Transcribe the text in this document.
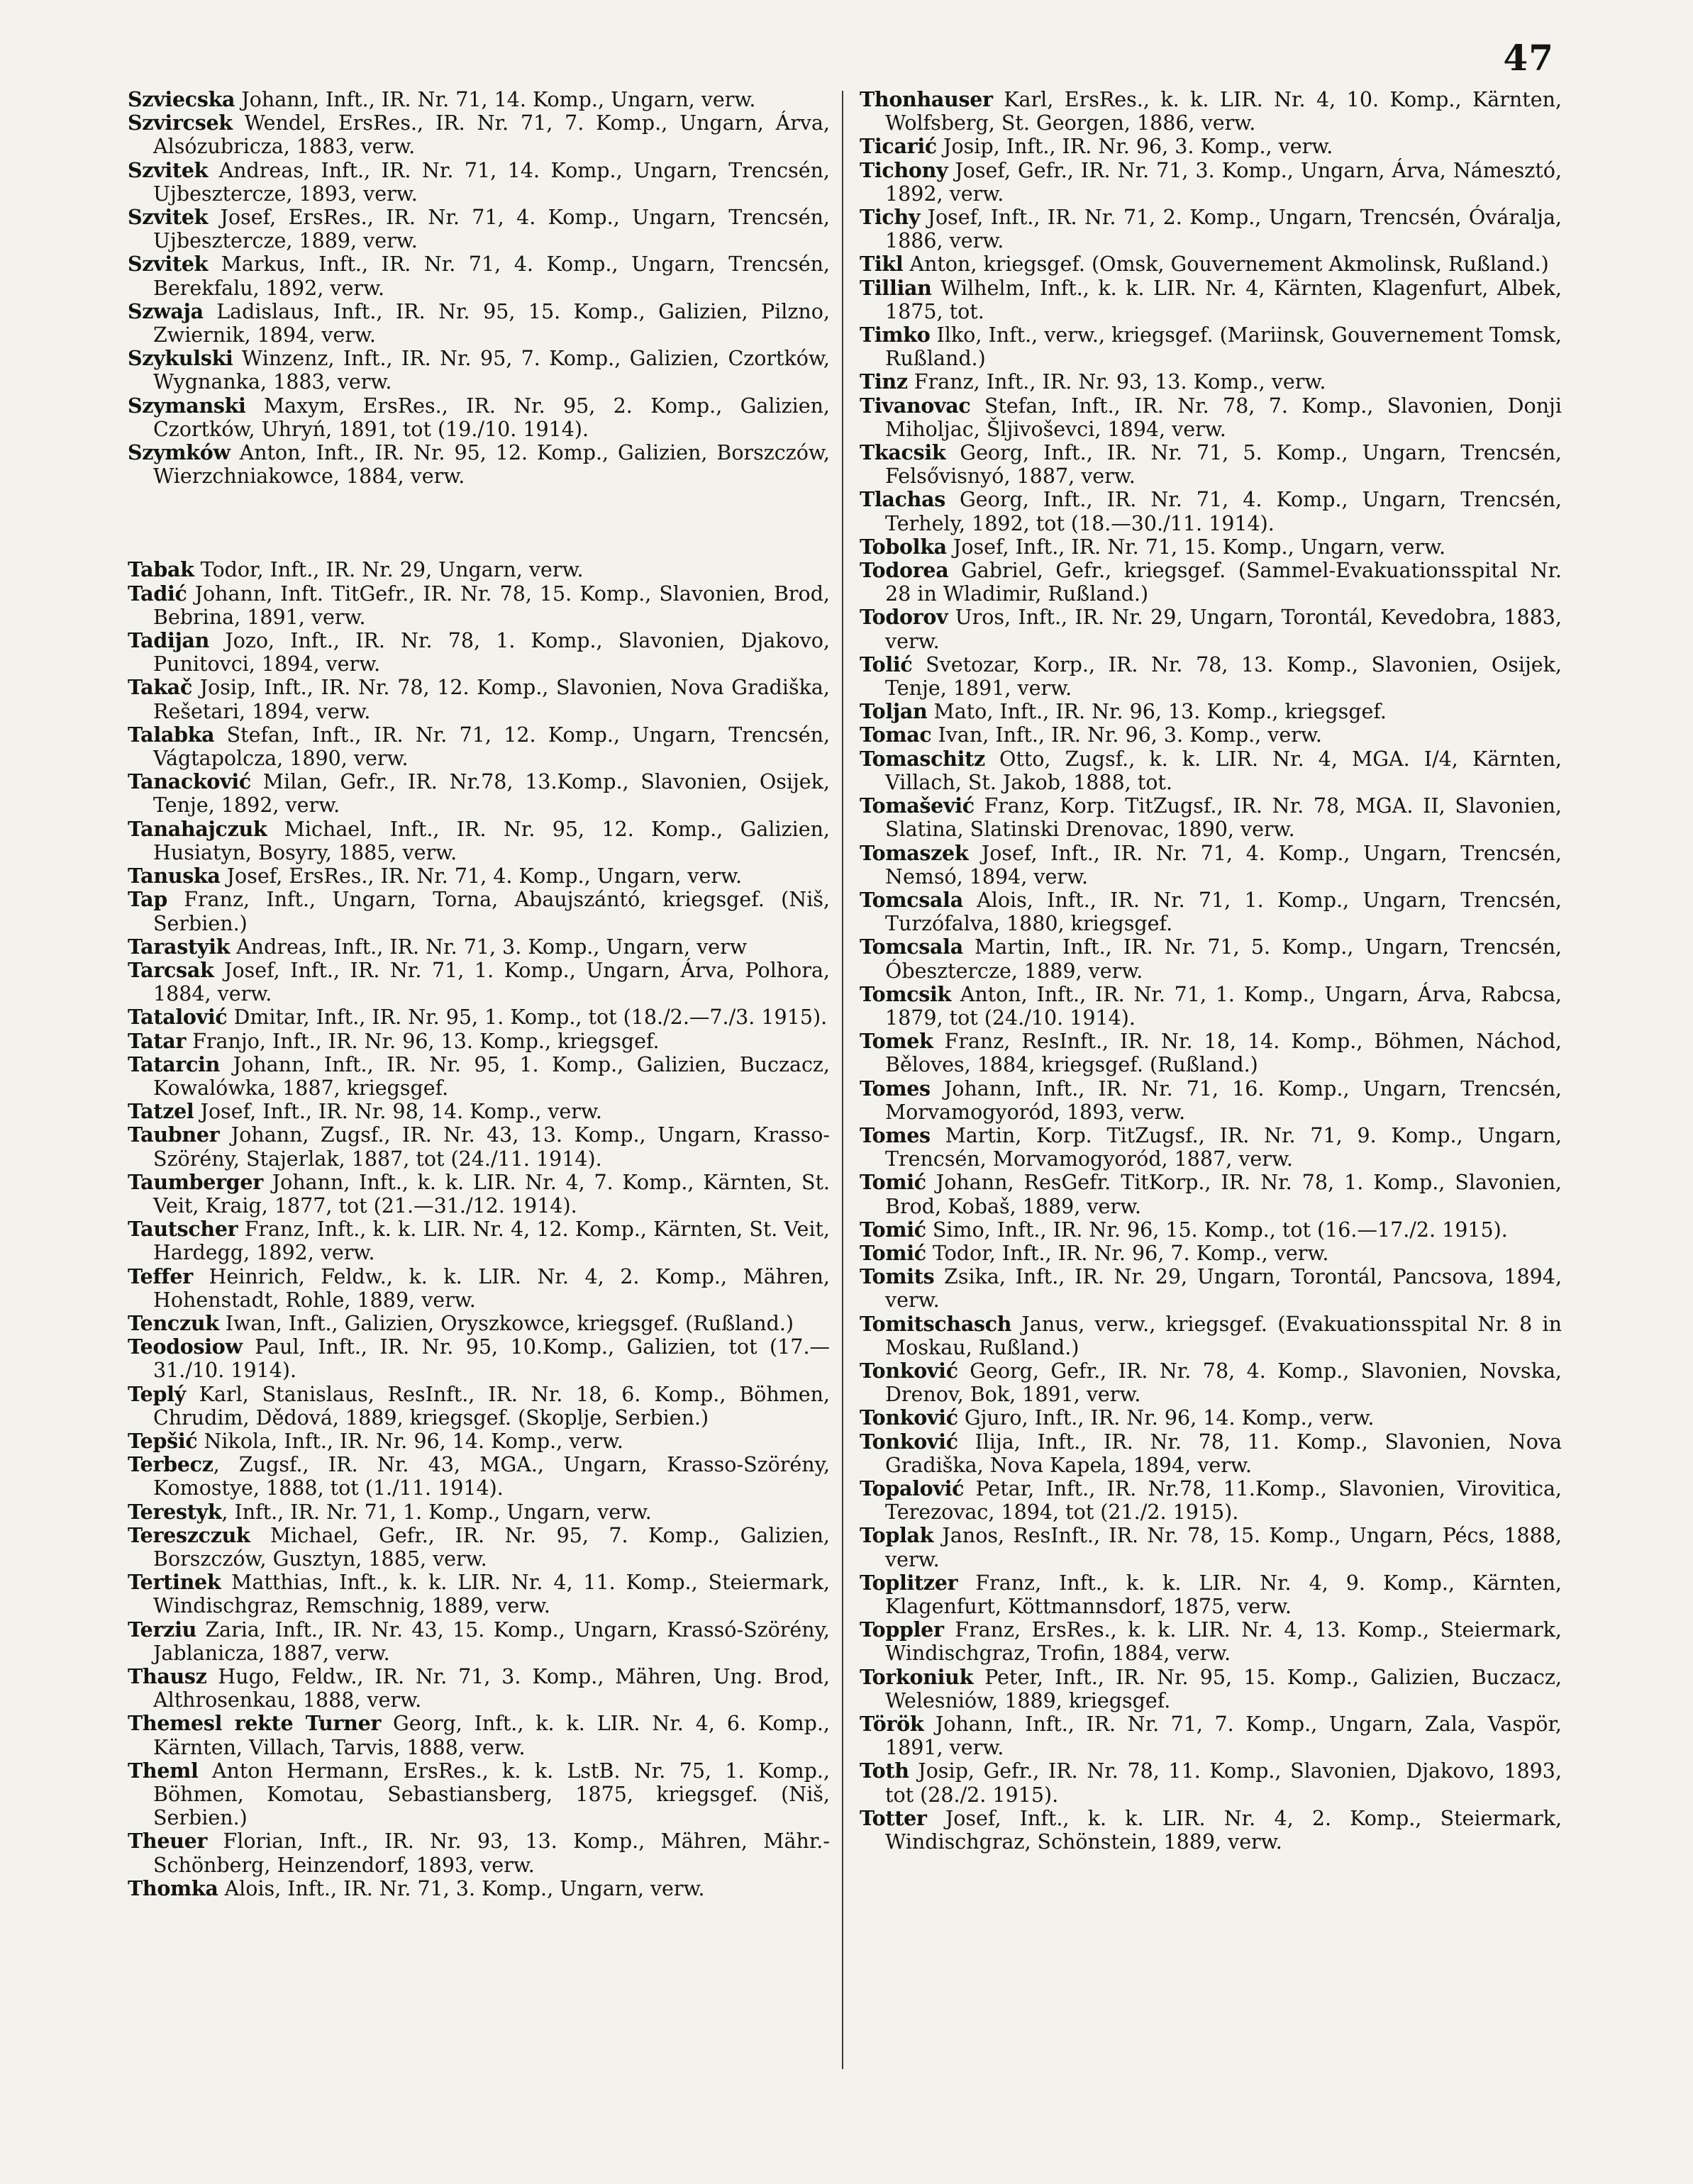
47

Szviecska Johann, Inft., IR. Nr. 71, 14. Komp., Ungarn, verw.

Szvircsek Wendel, ErsRes., IR. Nr. 71, 7. Komp., Ungarn, Árva, Alsózubricza, 1883, verw.

Szvitek Andreas, Inft., IR. Nr. 71, 14. Komp., Ungarn, Trencsén, Ujbesztercze, 1893, verw.

Szvitek Josef, ErsRes., IR. Nr. 71, 4. Komp., Ungarn, Trencsén, Ujbesztercze, 1889, verw.

Szvitek Markus, Inft., IR. Nr. 71, 4. Komp., Ungarn, Trencsén, Berekfalu, 1892, verw.

Szwaja Ladislaus, Inft., IR. Nr. 95, 15. Komp., Galizien, Pilzno, Zwiernik, 1894, verw.

Szykulski Winzenz, Inft., IR. Nr. 95, 7. Komp., Galizien, Czortków, Wygnanka, 1883, verw.

Szymanski Maxym, ErsRes., IR. Nr. 95, 2. Komp., Galizien, Czortków, Uhryń, 1891, tot (19./10. 1914).

Szymków Anton, Inft., IR. Nr. 95, 12. Komp., Galizien, Borszczów, Wierzchniakowce, 1884, verw.

Tabak Todor, Inft., IR. Nr. 29, Ungarn, verw.

Tadić Johann, Inft. TitGefr., IR. Nr. 78, 15. Komp., Slavonien, Brod, Bebrina, 1891, verw.

Tadijan Jozo, Inft., IR. Nr. 78, 1. Komp., Slavonien, Djakovo, Punitovci, 1894, verw.

Takač Josip, Inft., IR. Nr. 78, 12. Komp., Slavonien, Nova Gradiška, Rešetari, 1894, verw.

Talabka Stefan, Inft., IR. Nr. 71, 12. Komp., Ungarn, Trencsén, Vágtapolcza, 1890, verw.

Tanacković Milan, Gefr., IR. Nr.78, 13.Komp., Slavonien, Osijek, Tenje, 1892, verw.

Tanahajczuk Michael, Inft., IR. Nr. 95, 12. Komp., Galizien, Husiatyn, Bosyry, 1885, verw.

Tanuska Josef, ErsRes., IR. Nr. 71, 4. Komp., Ungarn, verw.

Tap Franz, Inft., Ungarn, Torna, Abaujszántó, kriegsgef. (Niš, Serbien.)

Tarastyik Andreas, Inft., IR. Nr. 71, 3. Komp., Ungarn, verw

Tarcsak Josef, Inft., IR. Nr. 71, 1. Komp., Ungarn, Árva, Polhora, 1884, verw.

Tatalović Dmitar, Inft., IR. Nr. 95, 1. Komp., tot (18./2.—7./3. 1915).

Tatar Franjo, Inft., IR. Nr. 96, 13. Komp., kriegsgef.

Tatarcin Johann, Inft., IR. Nr. 95, 1. Komp., Galizien, Buczacz, Kowalówka, 1887, kriegsgef.

Tatzel Josef, Inft., IR. Nr. 98, 14. Komp., verw.

Taubner Johann, Zugsf., IR. Nr. 43, 13. Komp., Ungarn, Krasso-Szörény, Stajerlak, 1887, tot (24./11. 1914).

Taumberger Johann, Inft., k. k. LIR. Nr. 4, 7. Komp., Kärnten, St. Veit, Kraig, 1877, tot (21.—31./12. 1914).

Tautscher Franz, Inft., k. k. LIR. Nr. 4, 12. Komp., Kärnten, St. Veit, Hardegg, 1892, verw.

Teffer Heinrich, Feldw., k. k. LIR. Nr. 4, 2. Komp., Mähren, Hohenstadt, Rohle, 1889, verw.

Tenczuk Iwan, Inft., Galizien, Oryszkowce, kriegsgef. (Rußland.)

Teodosiow Paul, Inft., IR. Nr. 95, 10.Komp., Galizien, tot (17.—31./10. 1914).

Teplý Karl, Stanislaus, ResInft., IR. Nr. 18, 6. Komp., Böhmen, Chrudim, Dědová, 1889, kriegsgef. (Skoplje, Serbien.)

Tepšić Nikola, Inft., IR. Nr. 96, 14. Komp., verw.

Terbecz, Zugsf., IR. Nr. 43, MGA., Ungarn, Krasso-Szörény, Komostye, 1888, tot (1./11. 1914).

Terestyk, Inft., IR. Nr. 71, 1. Komp., Ungarn, verw.

Tereszczuk Michael, Gefr., IR. Nr. 95, 7. Komp., Galizien, Borszczów, Gusztyn, 1885, verw.

Tertinek Matthias, Inft., k. k. LIR. Nr. 4, 11. Komp., Steiermark, Windischgraz, Remschnig, 1889, verw.

Terziu Zaria, Inft., IR. Nr. 43, 15. Komp., Ungarn, Krassó-Szörény, Jablanicza, 1887, verw.

Thausz Hugo, Feldw., IR. Nr. 71, 3. Komp., Mähren, Ung. Brod, Althrosenkau, 1888, verw.

Themesl rekte Turner Georg, Inft., k. k. LIR. Nr. 4, 6. Komp., Kärnten, Villach, Tarvis, 1888, verw.

Theml Anton Hermann, ErsRes., k. k. LstB. Nr. 75, 1. Komp., Böhmen, Komotau, Sebastiansberg, 1875, kriegsgef. (Niš, Serbien.)

Theuer Florian, Inft., IR. Nr. 93, 13. Komp., Mähren, Mähr.-Schönberg, Heinzendorf, 1893, verw.

Thomka Alois, Inft., IR. Nr. 71, 3. Komp., Ungarn, verw.

Thonhauser Karl, ErsRes., k. k. LIR. Nr. 4, 10. Komp., Kärnten, Wolfsberg, St. Georgen, 1886, verw.

Ticarić Josip, Inft., IR. Nr. 96, 3. Komp., verw.

Tichony Josef, Gefr., IR. Nr. 71, 3. Komp., Ungarn, Árva, Námesztó, 1892, verw.

Tichy Josef, Inft., IR. Nr. 71, 2. Komp., Ungarn, Trencsén, Óváralja, 1886, verw.

Tikl Anton, kriegsgef. (Omsk, Gouvernement Akmolinsk, Rußland.)

Tillian Wilhelm, Inft., k. k. LIR. Nr. 4, Kärnten, Klagenfurt, Albek, 1875, tot.

Timko Ilko, Inft., verw., kriegsgef. (Mariinsk, Gouvernement Tomsk, Rußland.)

Tinz Franz, Inft., IR. Nr. 93, 13. Komp., verw.

Tivanovac Stefan, Inft., IR. Nr. 78, 7. Komp., Slavonien, Donji Miholjac, Šljivoševci, 1894, verw.

Tkacsik Georg, Inft., IR. Nr. 71, 5. Komp., Ungarn, Trencsén, Felsővisnyó, 1887, verw.

Tlachas Georg, Inft., IR. Nr. 71, 4. Komp., Ungarn, Trencsén, Terhely, 1892, tot (18.—30./11. 1914).

Tobolka Josef, Inft., IR. Nr. 71, 15. Komp., Ungarn, verw.

Todorea Gabriel, Gefr., kriegsgef. (Sammel-Evakuationsspital Nr. 28 in Wladimir, Rußland.)

Todorov Uros, Inft., IR. Nr. 29, Ungarn, Torontál, Kevedobra, 1883, verw.

Tolić Svetozar, Korp., IR. Nr. 78, 13. Komp., Slavonien, Osijek, Tenje, 1891, verw.

Toljan Mato, Inft., IR. Nr. 96, 13. Komp., kriegsgef.

Tomac Ivan, Inft., IR. Nr. 96, 3. Komp., verw.

Tomaschitz Otto, Zugsf., k. k. LIR. Nr. 4, MGA. I/4, Kärnten, Villach, St. Jakob, 1888, tot.

Tomašević Franz, Korp. TitZugsf., IR. Nr. 78, MGA. II, Slavonien, Slatina, Slatinski Drenovac, 1890, verw.

Tomaszek Josef, Inft., IR. Nr. 71, 4. Komp., Ungarn, Trencsén, Nemsó, 1894, verw.

Tomcsala Alois, Inft., IR. Nr. 71, 1. Komp., Ungarn, Trencsén, Turzófalva, 1880, kriegsgef.

Tomcsala Martin, Inft., IR. Nr. 71, 5. Komp., Ungarn, Trencsén, Óbesztercze, 1889, verw.

Tomcsik Anton, Inft., IR. Nr. 71, 1. Komp., Ungarn, Árva, Rabcsa, 1879, tot (24./10. 1914).

Tomek Franz, ResInft., IR. Nr. 18, 14. Komp., Böhmen, Náchod, Běloves, 1884, kriegsgef. (Rußland.)

Tomes Johann, Inft., IR. Nr. 71, 16. Komp., Ungarn, Trencsén, Morvamogyoród, 1893, verw.

Tomes Martin, Korp. TitZugsf., IR. Nr. 71, 9. Komp., Ungarn, Trencsén, Morvamogyoród, 1887, verw.

Tomić Johann, ResGefr. TitKorp., IR. Nr. 78, 1. Komp., Slavonien, Brod, Kobaš, 1889, verw.

Tomić Simo, Inft., IR. Nr. 96, 15. Komp., tot (16.—17./2. 1915).

Tomić Todor, Inft., IR. Nr. 96, 7. Komp., verw.

Tomits Zsika, Inft., IR. Nr. 29, Ungarn, Torontál, Pancsova, 1894, verw.

Tomitschasch Janus, verw., kriegsgef. (Evakuationsspital Nr. 8 in Moskau, Rußland.)

Tonković Georg, Gefr., IR. Nr. 78, 4. Komp., Slavonien, Novska, Drenov, Bok, 1891, verw.

Tonković Gjuro, Inft., IR. Nr. 96, 14. Komp., verw.

Tonković Ilija, Inft., IR. Nr. 78, 11. Komp., Slavonien, Nova Gradiška, Nova Kapela, 1894, verw.

Topalović Petar, Inft., IR. Nr.78, 11.Komp., Slavonien, Virovitica, Terezovac, 1894, tot (21./2. 1915).

Toplak Janos, ResInft., IR. Nr. 78, 15. Komp., Ungarn, Pécs, 1888, verw.

Toplitzer Franz, Inft., k. k. LIR. Nr. 4, 9. Komp., Kärnten, Klagenfurt, Köttmannsdorf, 1875, verw.

Toppler Franz, ErsRes., k. k. LIR. Nr. 4, 13. Komp., Steiermark, Windischgraz, Trofin, 1884, verw.

Torkoniuk Peter, Inft., IR. Nr. 95, 15. Komp., Galizien, Buczacz, Welesniów, 1889, kriegsgef.

Török Johann, Inft., IR. Nr. 71, 7. Komp., Ungarn, Zala, Vaspör, 1891, verw.

Toth Josip, Gefr., IR. Nr. 78, 11. Komp., Slavonien, Djakovo, 1893, tot (28./2. 1915).

Totter Josef, Inft., k. k. LIR. Nr. 4, 2. Komp., Steiermark, Windischgraz, Schönstein, 1889, verw.
